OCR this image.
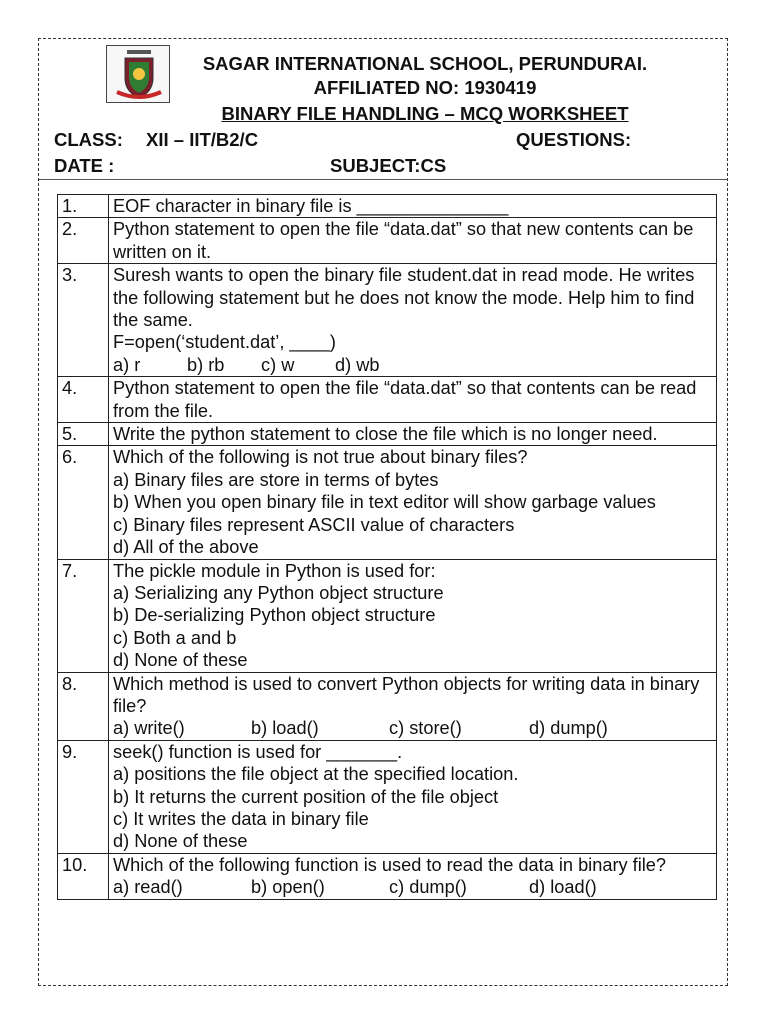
SAGAR INTERNATIONAL SCHOOL, PERUNDURAI.
AFFILIATED NO: 1930419
BINARY FILE HANDLING – MCQ WORKSHEET
CLASS: XII – IIT/B2/C	QUESTIONS:
DATE :	SUBJECT:CS
1.	EOF character in binary file is _______________

2.	Python statement to open the file “data.dat” so that new contents can be written on it.

3.	Suresh wants to open the binary file student.dat in read mode. He writes the following statement but he does not know the mode. Help him to find the same.
F=open(‘student.dat’, ____)
a) r b) rb c) w d) wb

4.	Python statement to open the file “data.dat” so that contents can be read from the file.

5.	Write the python statement to close the file which is no longer need.

6.	Which of the following is not true about binary files?
a) Binary files are store in terms of bytes
b) When you open binary file in text editor will show garbage values
c) Binary files represent ASCII value of characters
d) All of the above

7.	The pickle module in Python is used for:
a) Serializing any Python object structure
b) De-serializing Python object structure
c) Both a and b
d) None of these

8.	Which method is used to convert Python objects for writing data in binary file?
a) write() b) load() c) store() d) dump()

9.	seek() function is used for _______.
a) positions the file object at the specified location.
b) It returns the current position of the file object
c) It writes the data in binary file
d) None of these

10.	Which of the following function is used to read the data in binary file?
a) read() b) open() c) dump() d) load()
